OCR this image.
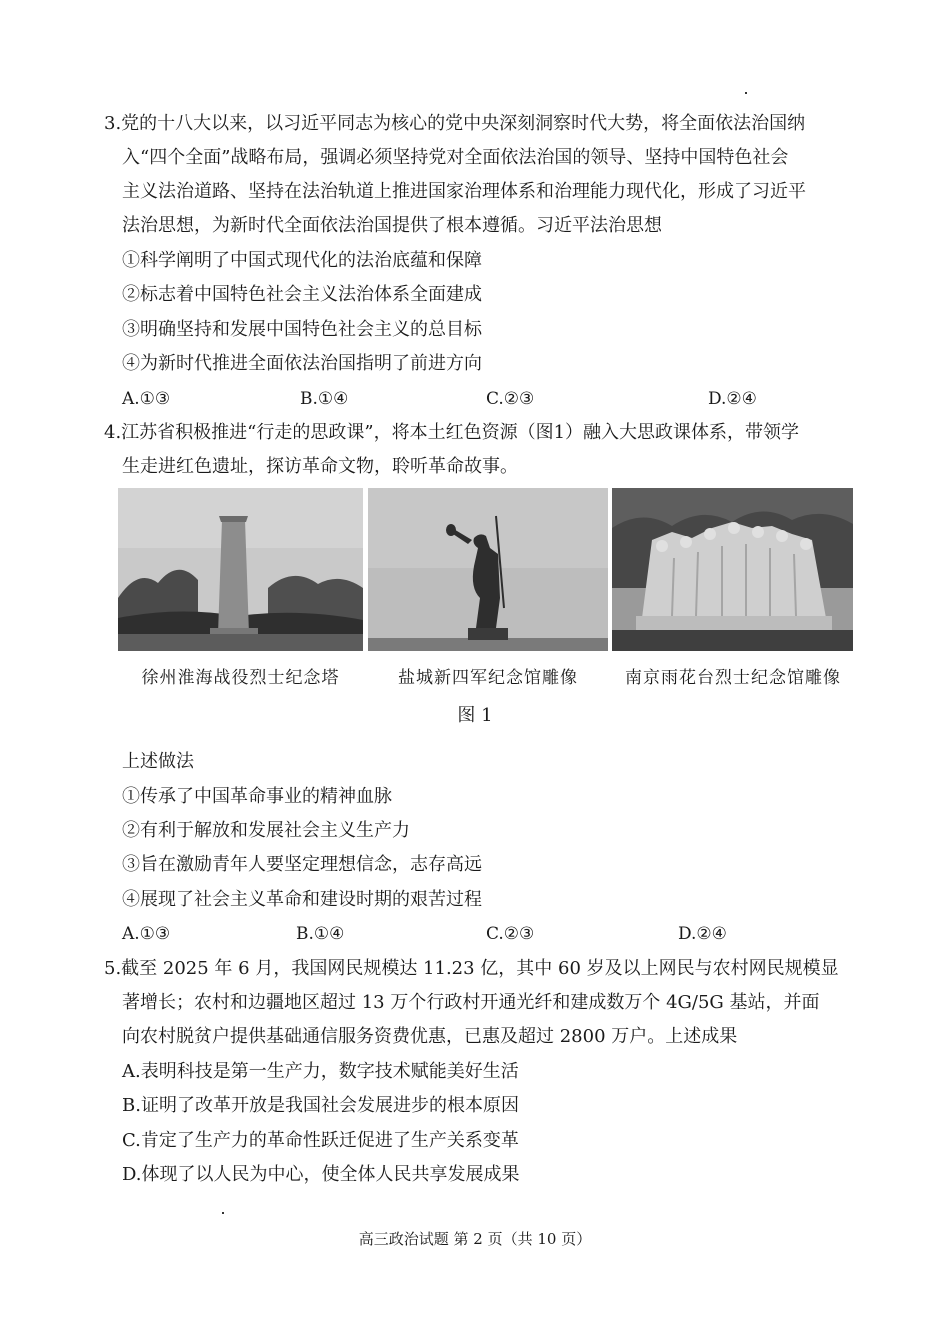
3.党的十八大以来，以习近平同志为核心的党中央深刻洞察时代大势，将全面依法治国纳
入“四个全面”战略布局，强调必须坚持党对全面依法治国的领导、坚持中国特色社会
主义法治道路、坚持在法治轨道上推进国家治理体系和治理能力现代化，形成了习近平
法治思想，为新时代全面依法治国提供了根本遵循。习近平法治思想
①科学阐明了中国式现代化的法治底蕴和保障
②标志着中国特色社会主义法治体系全面建成
③明确坚持和发展中国特色社会主义的总目标
④为新时代推进全面依法治国指明了前进方向
A.①③	B.①④	C.②③	D.②④
4.江苏省积极推进“行走的思政课”，将本土红色资源（图1）融入大思政课体系，带领学
生走进红色遗址，探访革命文物，聆听革命故事。
徐州淮海战役烈士纪念塔	盐城新四军纪念馆雕像	南京雨花台烈士纪念馆雕像
图 1
上述做法
①传承了中国革命事业的精神血脉
②有利于解放和发展社会主义生产力
③旨在激励青年人要坚定理想信念，志存高远
④展现了社会主义革命和建设时期的艰苦过程
A.①③	B.①④	C.②③	D.②④
5.截至 2025 年 6 月，我国网民规模达 11.23 亿，其中 60 岁及以上网民与农村网民规模显
著增长；农村和边疆地区超过 13 万个行政村开通光纤和建成数万个 4G/5G 基站，并面
向农村脱贫户提供基础通信服务资费优惠，已惠及超过 2800 万户。上述成果
A.表明科技是第一生产力，数字技术赋能美好生活
B.证明了改革开放是我国社会发展进步的根本原因
C.肯定了生产力的革命性跃迁促进了生产关系变革
D.体现了以人民为中心，使全体人民共享发展成果
高三政治试题 第 2 页（共 10 页）
